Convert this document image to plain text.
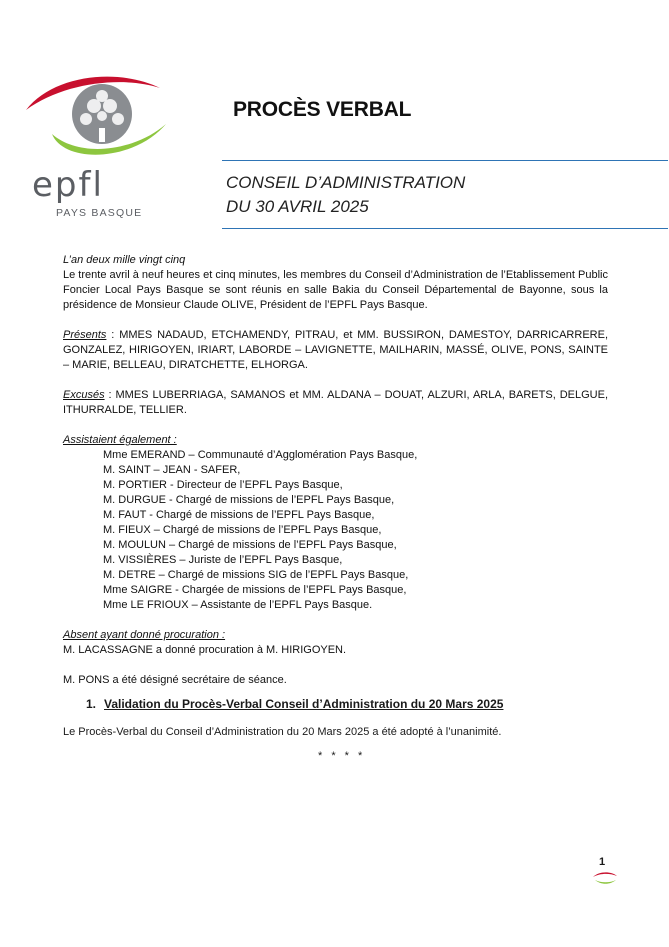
epfl
PAYS BASQUE
PROCÈS VERBAL
CONSEIL D’ADMINISTRATION
DU 30 AVRIL 2025

L’an deux mille vingt cinq

Le trente avril à neuf heures et cinq minutes, les membres du Conseil d’Administration de l’Etablissement Public Foncier Local Pays Basque se sont réunis en salle Bakia du Conseil Départemental de Bayonne, sous la présidence de Monsieur Claude OLIVE, Président de l’EPFL Pays Basque.

Présents : MMES NADAUD, ETCHAMENDY, PITRAU, et MM. BUSSIRON, DAMESTOY, DARRICARRERE, GONZALEZ, HIRIGOYEN, IRIART, LABORDE – LAVIGNETTE, MAILHARIN, MASSÉ, OLIVE, PONS, SAINTE – MARIE, BELLEAU, DIRATCHETTE, ELHORGA.

Excusés : MMES LUBERRIAGA, SAMANOS et MM. ALDANA – DOUAT, ALZURI, ARLA, BARETS, DELGUE, ITHURRALDE, TELLIER.

Assistaient également :

Mme EMERAND – Communauté d’Agglomération Pays Basque,

M. SAINT – JEAN - SAFER,

M. PORTIER - Directeur de l’EPFL Pays Basque,

M. DURGUE - Chargé de missions de l’EPFL Pays Basque,

M. FAUT - Chargé de missions de l’EPFL Pays Basque,

M. FIEUX – Chargé de missions de l’EPFL Pays Basque,

M. MOULUN – Chargé de missions de l’EPFL Pays Basque,

M. VISSIÈRES – Juriste de l’EPFL Pays Basque,

M. DETRE – Chargé de missions SIG de l’EPFL Pays Basque,

Mme SAIGRE - Chargée de missions de l’EPFL Pays Basque,

Mme LE FRIOUX – Assistante de l’EPFL Pays Basque.

Absent ayant donné procuration :

M. LACASSAGNE a donné procuration à M. HIRIGOYEN.

M. PONS a été désigné secrétaire de séance.

1. Validation du Procès-Verbal Conseil d’Administration du 20 Mars 2025
Le Procès-Verbal du Conseil d’Administration du 20 Mars 2025 a été adopté à l’unanimité.
* * * *
1
